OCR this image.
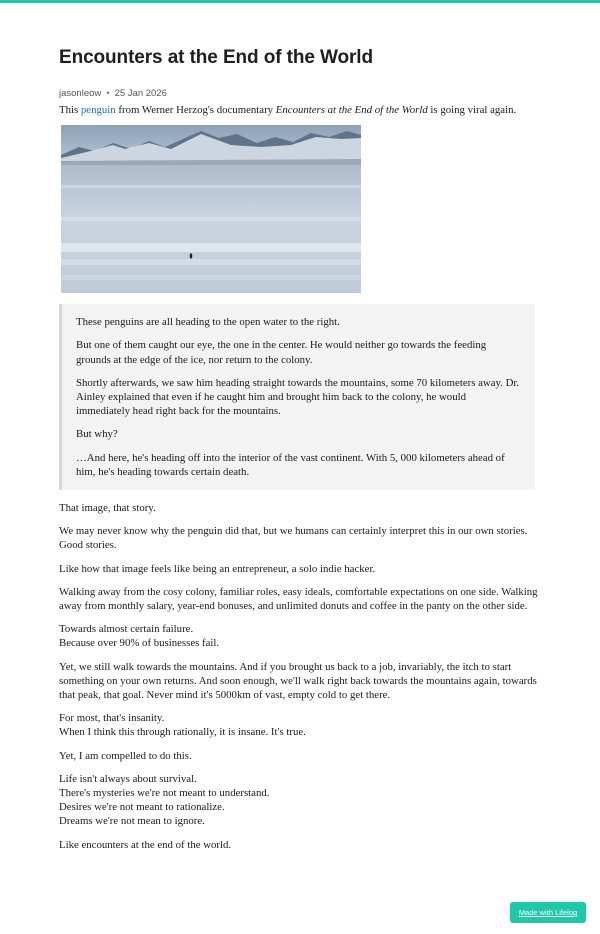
Encounters at the End of the World
jasonleow • 25 Jan 2026

This penguin from Werner Herzog's documentary Encounters at the End of the World is going viral again.

These penguins are all heading to the open water to the right.

But one of them caught our eye, the one in the center. He would neither go towards the feeding grounds at the edge of the ice, nor return to the colony.

Shortly afterwards, we saw him heading straight towards the mountains, some 70 kilometers away. Dr. Ainley explained that even if he caught him and brought him back to the colony, he would immediately head right back for the mountains.

But why?

…And here, he's heading off into the interior of the vast continent. With 5, 000 kilometers ahead of him, he's heading towards certain death.

That image, that story.

We may never know why the penguin did that, but we humans can certainly interpret this in our own stories. Good stories.

Like how that image feels like being an entrepreneur, a solo indie hacker.

Walking away from the cosy colony, familiar roles, easy ideals, comfortable expectations on one side. Walking away from monthly salary, year-end bonuses, and unlimited donuts and coffee in the panty on the other side.

Towards almost certain failure.
Because over 90% of businesses fail.

Yet, we still walk towards the mountains. And if you brought us back to a job, invariably, the itch to start something on your own returns. And soon enough, we'll walk right back towards the mountains again, towards that peak, that goal. Never mind it's 5000km of vast, empty cold to get there.

For most, that's insanity.
When I think this through rationally, it is insane. It's true.

Yet, I am compelled to do this.

Life isn't always about survival.
There's mysteries we're not meant to understand.
Desires we're not meant to rationalize.
Dreams we're not mean to ignore.

Like encounters at the end of the world.

Made with Lifelog
